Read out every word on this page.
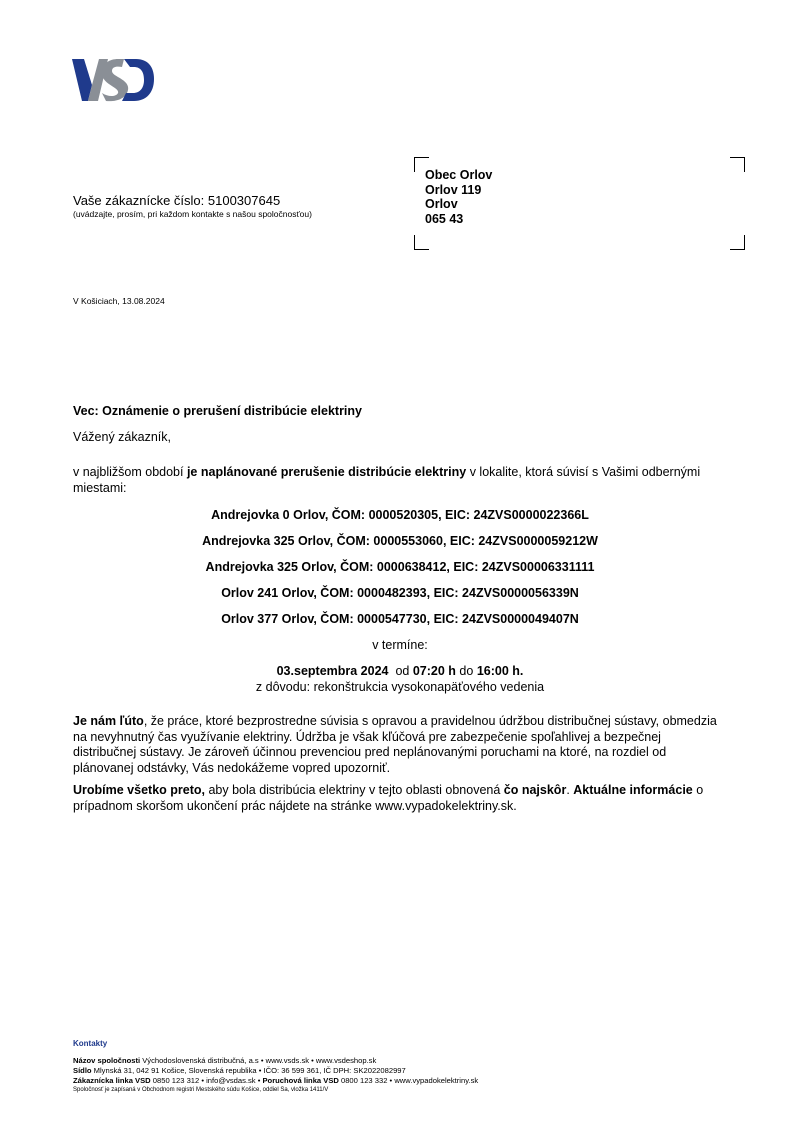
VSD
Vaše zákaznícke číslo: 5100307645
(uvádzajte, prosím, pri každom kontakte s našou spoločnosťou)
Obec Orlov
Orlov 119
Orlov
065 43
V Košiciach, 13.08.2024
Vec: Oznámenie o prerušení distribúcie elektriny
Vážený zákazník,
v najbližšom období je naplánované prerušenie distribúcie elektriny v lokalite, ktorá súvisí s Vašimi odbernými miestami:
Andrejovka 0 Orlov, ČOM: 0000520305, EIC: 24ZVS0000022366L
Andrejovka 325 Orlov, ČOM: 0000553060, EIC: 24ZVS0000059212W
Andrejovka 325 Orlov, ČOM: 0000638412, EIC: 24ZVS00006331111
Orlov 241 Orlov, ČOM: 0000482393, EIC: 24ZVS0000056339N
Orlov 377 Orlov, ČOM: 0000547730, EIC: 24ZVS0000049407N
v termíne:
03.septembra 2024 od 07:20 h do 16:00 h.
z dôvodu: rekonštrukcia vysokonapäťového vedenia
Je nám ľúto, že práce, ktoré bezprostredne súvisia s opravou a pravidelnou údržbou distribučnej sústavy, obmedzia na nevyhnutný čas využívanie elektriny. Údržba je však kľúčová pre zabezpečenie spoľahlivej a bezpečnej distribučnej sústavy. Je zároveň účinnou prevenciou pred neplánovanými poruchami na ktoré, na rozdiel od plánovanej odstávky, Vás nedokážeme vopred upozorniť.
Urobíme všetko preto, aby bola distribúcia elektriny v tejto oblasti obnovená čo najskôr. Aktuálne informácie o prípadnom skoršom ukončení prác nájdete na stránke www.vypadokelektriny.sk.
Kontakty
Názov spoločnosti Východoslovenská distribučná, a.s • www.vsds.sk • www.vsdeshop.sk
Sídlo Mlynská 31, 042 91 Košice, Slovenská republika • IČO: 36 599 361, IČ DPH: SK2022082997
Zákaznícka linka VSD 0850 123 312 • info@vsdas.sk • Poruchová linka VSD 0800 123 332 • www.vypadokelektriny.sk
Spoločnosť je zapísaná v Obchodnom registri Mestského súdu Košice, oddiel Sa, vložka 1411/V
